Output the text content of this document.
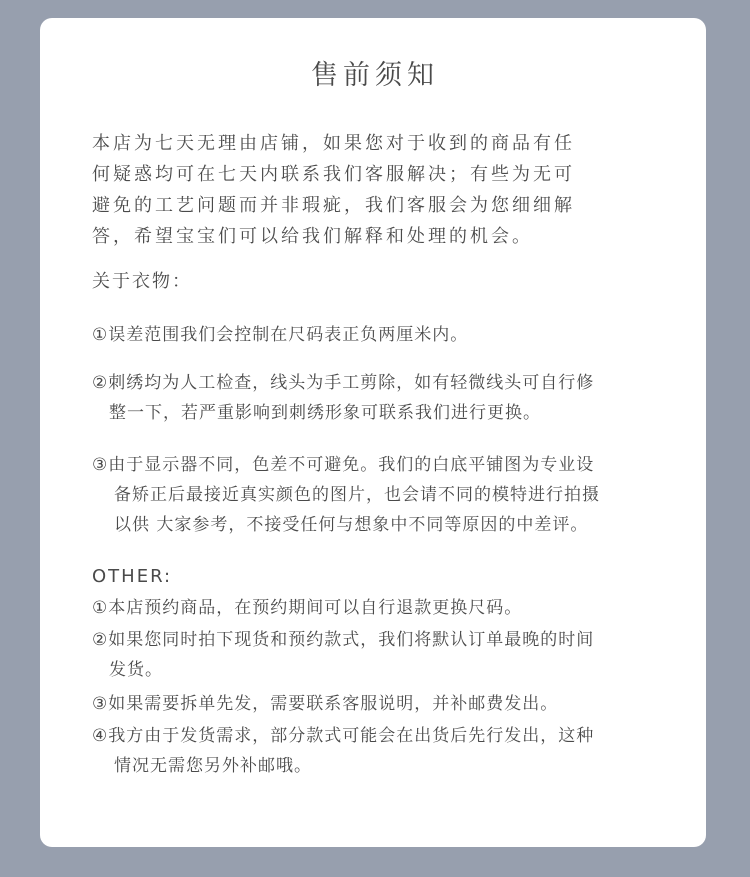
售前须知
本店为七天无理由店铺，如果您对于收到的商品有任
何疑惑均可在七天内联系我们客服解决；有些为无可
避免的工艺问题而并非瑕疵，我们客服会为您细细解
答，希望宝宝们可以给我们解释和处理的机会。
关于衣物：
①误差范围我们会控制在尺码表正负两厘米内。
②刺绣均为人工检查，线头为手工剪除，如有轻微线头可自行修
整一下，若严重影响到刺绣形象可联系我们进行更换。
③由于显示器不同，色差不可避免。我们的白底平铺图为专业设
备矫正后最接近真实颜色的图片，也会请不同的模特进行拍摄
以供 大家参考，不接受任何与想象中不同等原因的中差评。
OTHER:
①本店预约商品，在预约期间可以自行退款更换尺码。
②如果您同时拍下现货和预约款式，我们将默认订单最晚的时间
发货。
③如果需要拆单先发，需要联系客服说明，并补邮费发出。
④我方由于发货需求，部分款式可能会在出货后先行发出，这种
情况无需您另外补邮哦。
